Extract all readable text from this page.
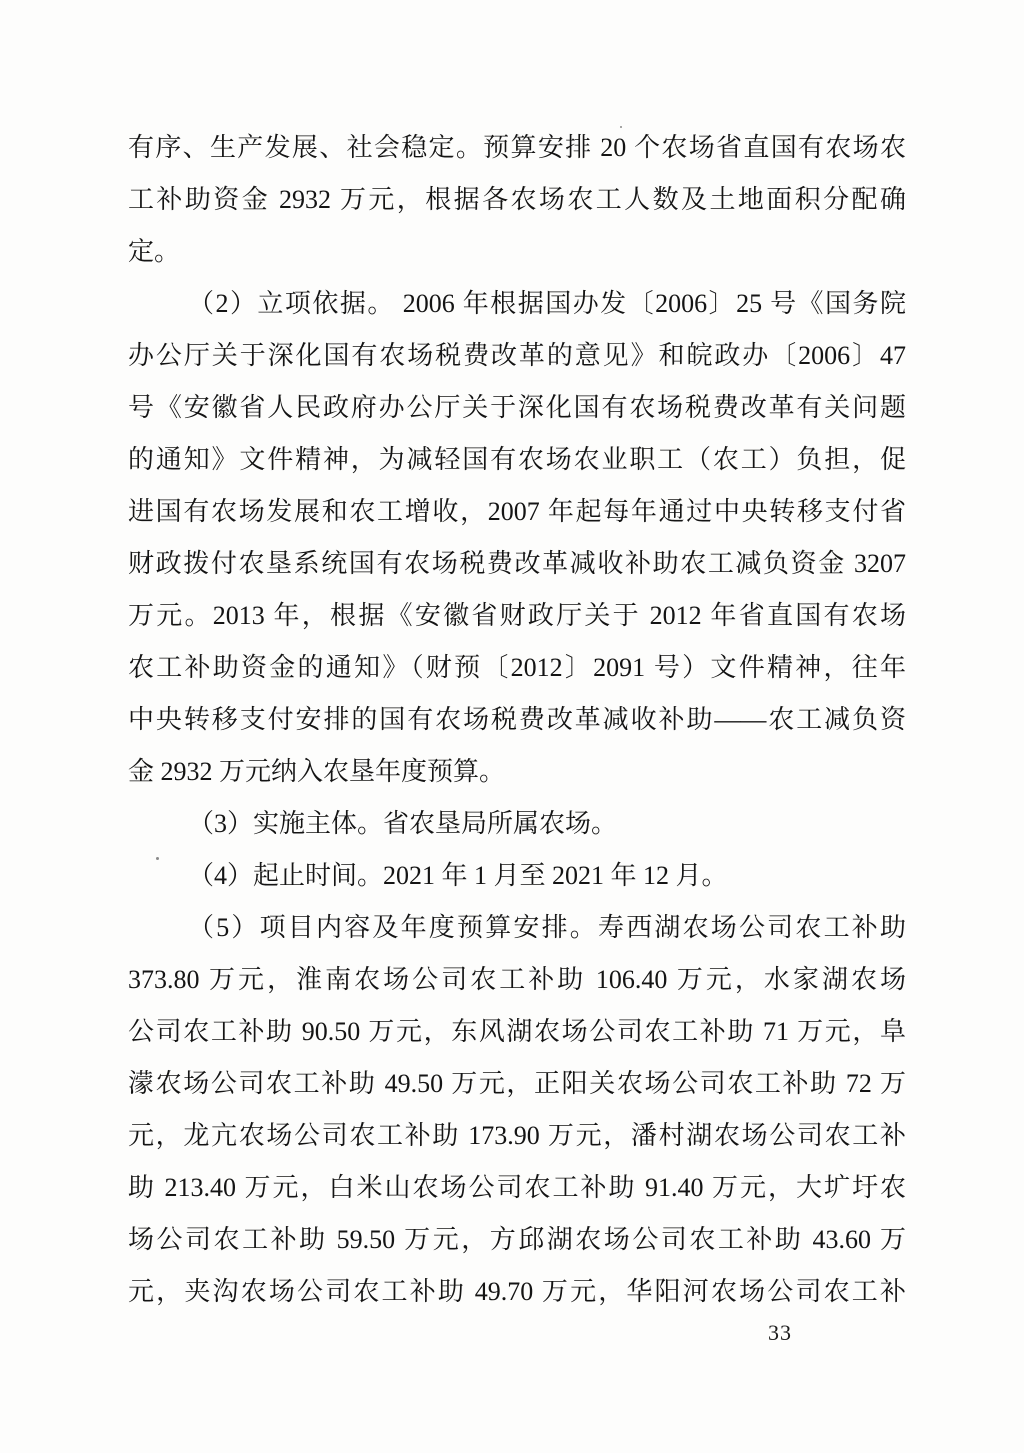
有序、生产发展、社会稳定。预算安排 20 个农场省直国有农场农
工补助资金 2932 万元，根据各农场农工人数及土地面积分配确
定。
（2）立项依据。 2006 年根据国办发〔2006〕25 号《国务院
办公厅关于深化国有农场税费改革的意见》和皖政办〔2006〕47
号《安徽省人民政府办公厅关于深化国有农场税费改革有关问题
的通知》文件精神，为减轻国有农场农业职工（农工）负担，促
进国有农场发展和农工增收，2007 年起每年通过中央转移支付省
财政拨付农垦系统国有农场税费改革减收补助农工减负资金 3207
万元。2013 年，根据《安徽省财政厅关于 2012 年省直国有农场
农工补助资金的通知》（财预〔2012〕2091 号）文件精神，往年
中央转移支付安排的国有农场税费改革减收补助——农工减负资
金 2932 万元纳入农垦年度预算。
（3）实施主体。省农垦局所属农场。
（4）起止时间。2021 年 1 月至 2021 年 12 月。
（5）项目内容及年度预算安排。寿西湖农场公司农工补助
373.80 万元，淮南农场公司农工补助 106.40 万元，水家湖农场
公司农工补助 90.50 万元，东风湖农场公司农工补助 71 万元，阜
濛农场公司农工补助 49.50 万元，正阳关农场公司农工补助 72 万
元，龙亢农场公司农工补助 173.90 万元，潘村湖农场公司农工补
助 213.40 万元，白米山农场公司农工补助 91.40 万元，大圹圩农
场公司农工补助 59.50 万元，方邱湖农场公司农工补助 43.60 万
元，夹沟农场公司农工补助 49.70 万元，华阳河农场公司农工补
33
